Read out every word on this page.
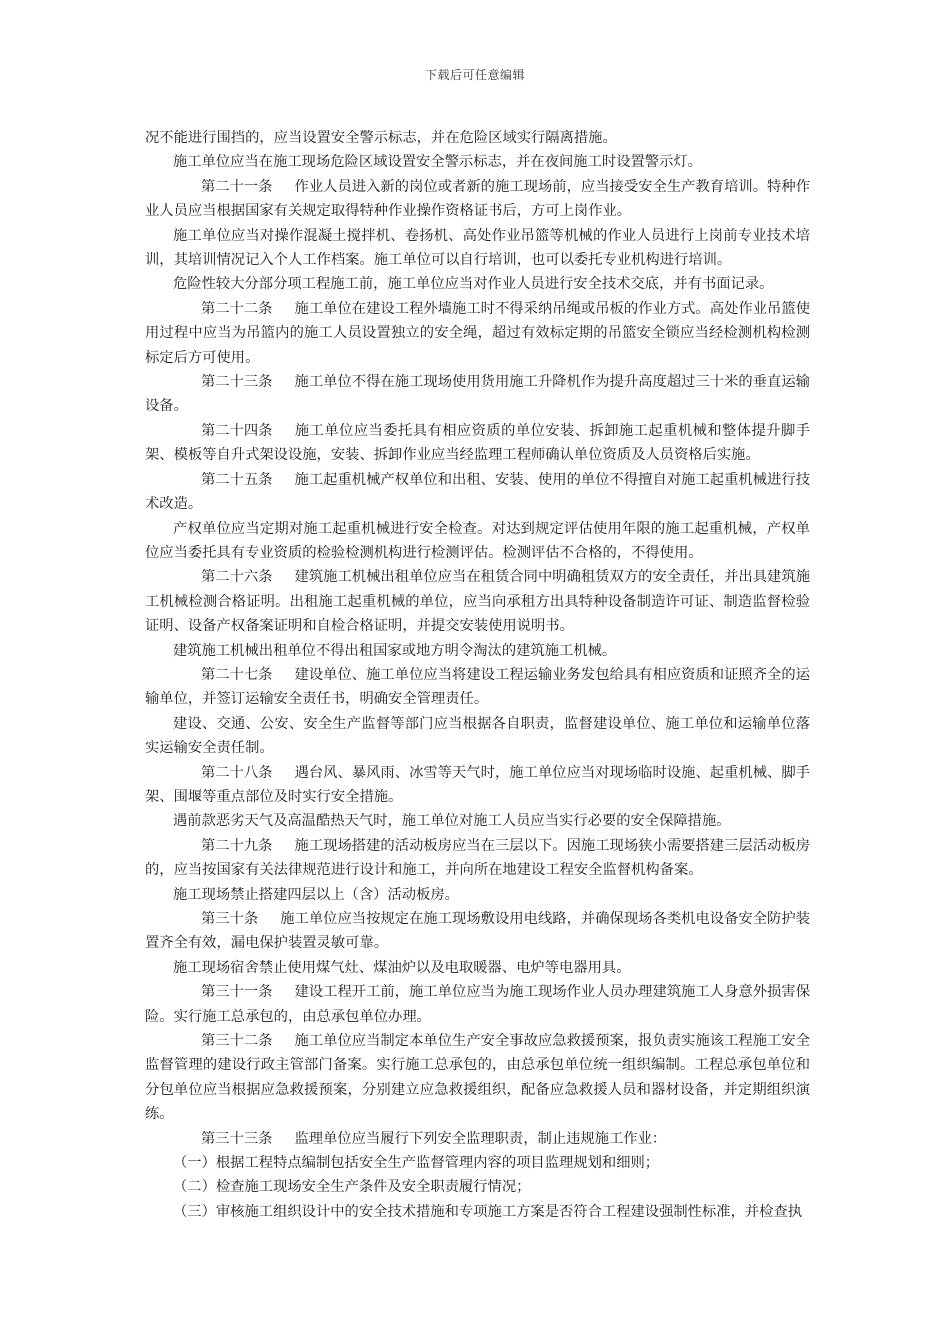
下载后可任意编辑

况不能进行围挡的，应当设置安全警示标志，并在危险区域实行隔离措施。

施工单位应当在施工现场危险区域设置安全警示标志，并在夜间施工时设置警示灯。

第二十一条 作业人员进入新的岗位或者新的施工现场前，应当接受安全生产教育培训。特种作业人员应当根据国家有关规定取得特种作业操作资格证书后，方可上岗作业。

施工单位应当对操作混凝土搅拌机、卷扬机、高处作业吊篮等机械的作业人员进行上岗前专业技术培训，其培训情况记入个人工作档案。施工单位可以自行培训，也可以委托专业机构进行培训。

危险性较大分部分项工程施工前，施工单位应当对作业人员进行安全技术交底，并有书面记录。

第二十二条 施工单位在建设工程外墙施工时不得采纳吊绳或吊板的作业方式。高处作业吊篮使用过程中应当为吊篮内的施工人员设置独立的安全绳，超过有效标定期的吊篮安全锁应当经检测机构检测标定后方可使用。

第二十三条 施工单位不得在施工现场使用货用施工升降机作为提升高度超过三十米的垂直运输设备。

第二十四条 施工单位应当委托具有相应资质的单位安装、拆卸施工起重机械和整体提升脚手架、模板等自升式架设设施，安装、拆卸作业应当经监理工程师确认单位资质及人员资格后实施。

第二十五条 施工起重机械产权单位和出租、安装、使用的单位不得擅自对施工起重机械进行技术改造。

产权单位应当定期对施工起重机械进行安全检查。对达到规定评估使用年限的施工起重机械，产权单位应当委托具有专业资质的检验检测机构进行检测评估。检测评估不合格的，不得使用。

第二十六条 建筑施工机械出租单位应当在租赁合同中明确租赁双方的安全责任，并出具建筑施工机械检测合格证明。出租施工起重机械的单位，应当向承租方出具特种设备制造许可证、制造监督检验证明、设备产权备案证明和自检合格证明，并提交安装使用说明书。

建筑施工机械出租单位不得出租国家或地方明令淘汰的建筑施工机械。

第二十七条 建设单位、施工单位应当将建设工程运输业务发包给具有相应资质和证照齐全的运输单位，并签订运输安全责任书，明确安全管理责任。

建设、交通、公安、安全生产监督等部门应当根据各自职责，监督建设单位、施工单位和运输单位落实运输安全责任制。

第二十八条 遇台风、暴风雨、冰雪等天气时，施工单位应当对现场临时设施、起重机械、脚手架、围堰等重点部位及时实行安全措施。

遇前款恶劣天气及高温酷热天气时，施工单位对施工人员应当实行必要的安全保障措施。

第二十九条 施工现场搭建的活动板房应当在三层以下。因施工现场狭小需要搭建三层活动板房的，应当按国家有关法律规范进行设计和施工，并向所在地建设工程安全监督机构备案。

施工现场禁止搭建四层以上（含）活动板房。

第三十条 施工单位应当按规定在施工现场敷设用电线路，并确保现场各类机电设备安全防护装置齐全有效，漏电保护装置灵敏可靠。

施工现场宿舍禁止使用煤气灶、煤油炉以及电取暖器、电炉等电器用具。

第三十一条 建设工程开工前，施工单位应当为施工现场作业人员办理建筑施工人身意外损害保险。实行施工总承包的，由总承包单位办理。

第三十二条 施工单位应当制定本单位生产安全事故应急救援预案，报负责实施该工程施工安全监督管理的建设行政主管部门备案。实行施工总承包的，由总承包单位统一组织编制。工程总承包单位和分包单位应当根据应急救援预案，分别建立应急救援组织，配备应急救援人员和器材设备，并定期组织演练。

第三十三条 监理单位应当履行下列安全监理职责，制止违规施工作业：

（一）根据工程特点编制包括安全生产监督管理内容的项目监理规划和细则；

（二）检查施工现场安全生产条件及安全职责履行情况；

（三）审核施工组织设计中的安全技术措施和专项施工方案是否符合工程建设强制性标准，并检查执
